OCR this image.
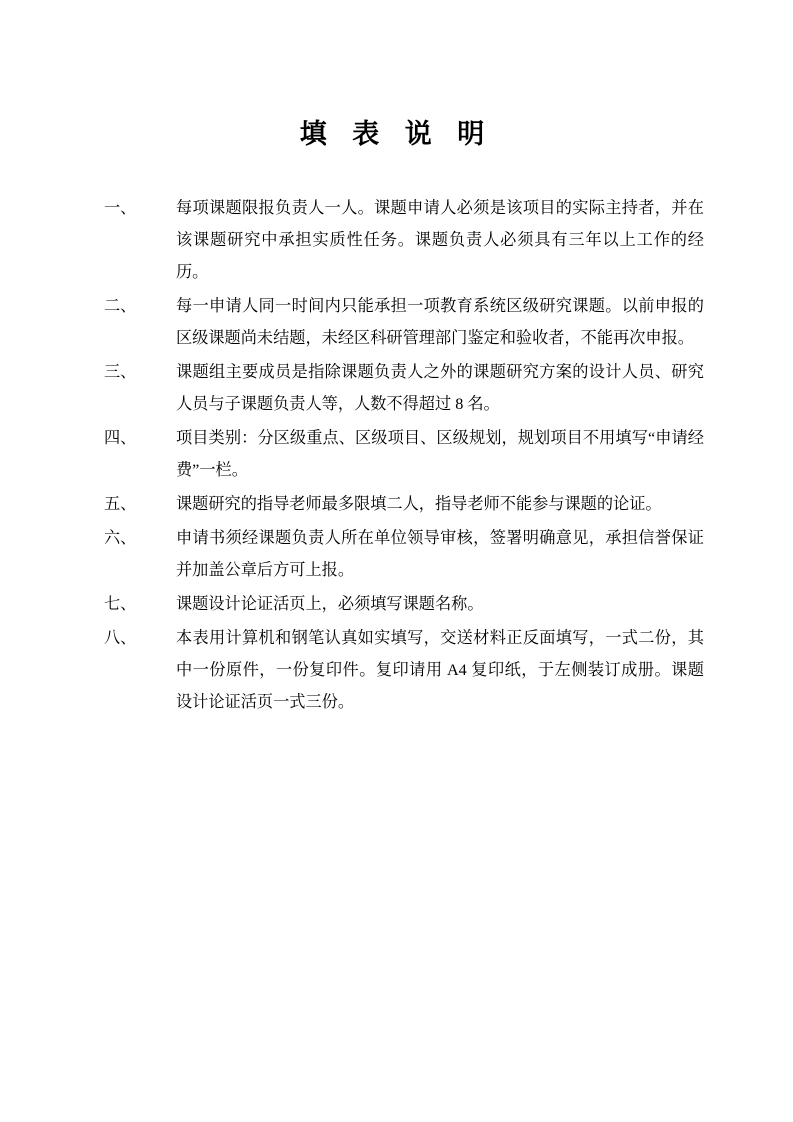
填 表 说 明
一、	每项课题限报负责人一人。课题申请人必须是该项目的实际主持者，并在该课题研究中承担实质性任务。课题负责人必须具有三年以上工作的经历。
二、	每一申请人同一时间内只能承担一项教育系统区级研究课题。以前申报的区级课题尚未结题，未经区科研管理部门鉴定和验收者，不能再次申报。
三、	课题组主要成员是指除课题负责人之外的课题研究方案的设计人员、研究人员与子课题负责人等，人数不得超过 8 名。
四、	项目类别：分区级重点、区级项目、区级规划，规划项目不用填写“申请经费”一栏。
五、	课题研究的指导老师最多限填二人，指导老师不能参与课题的论证。
六、	申请书须经课题负责人所在单位领导审核，签署明确意见，承担信誉保证并加盖公章后方可上报。
七、	课题设计论证活页上，必须填写课题名称。
八、	本表用计算机和钢笔认真如实填写，交送材料正反面填写，一式二份，其中一份原件，一份复印件。复印请用 A4 复印纸，于左侧装订成册。课题设计论证活页一式三份。
